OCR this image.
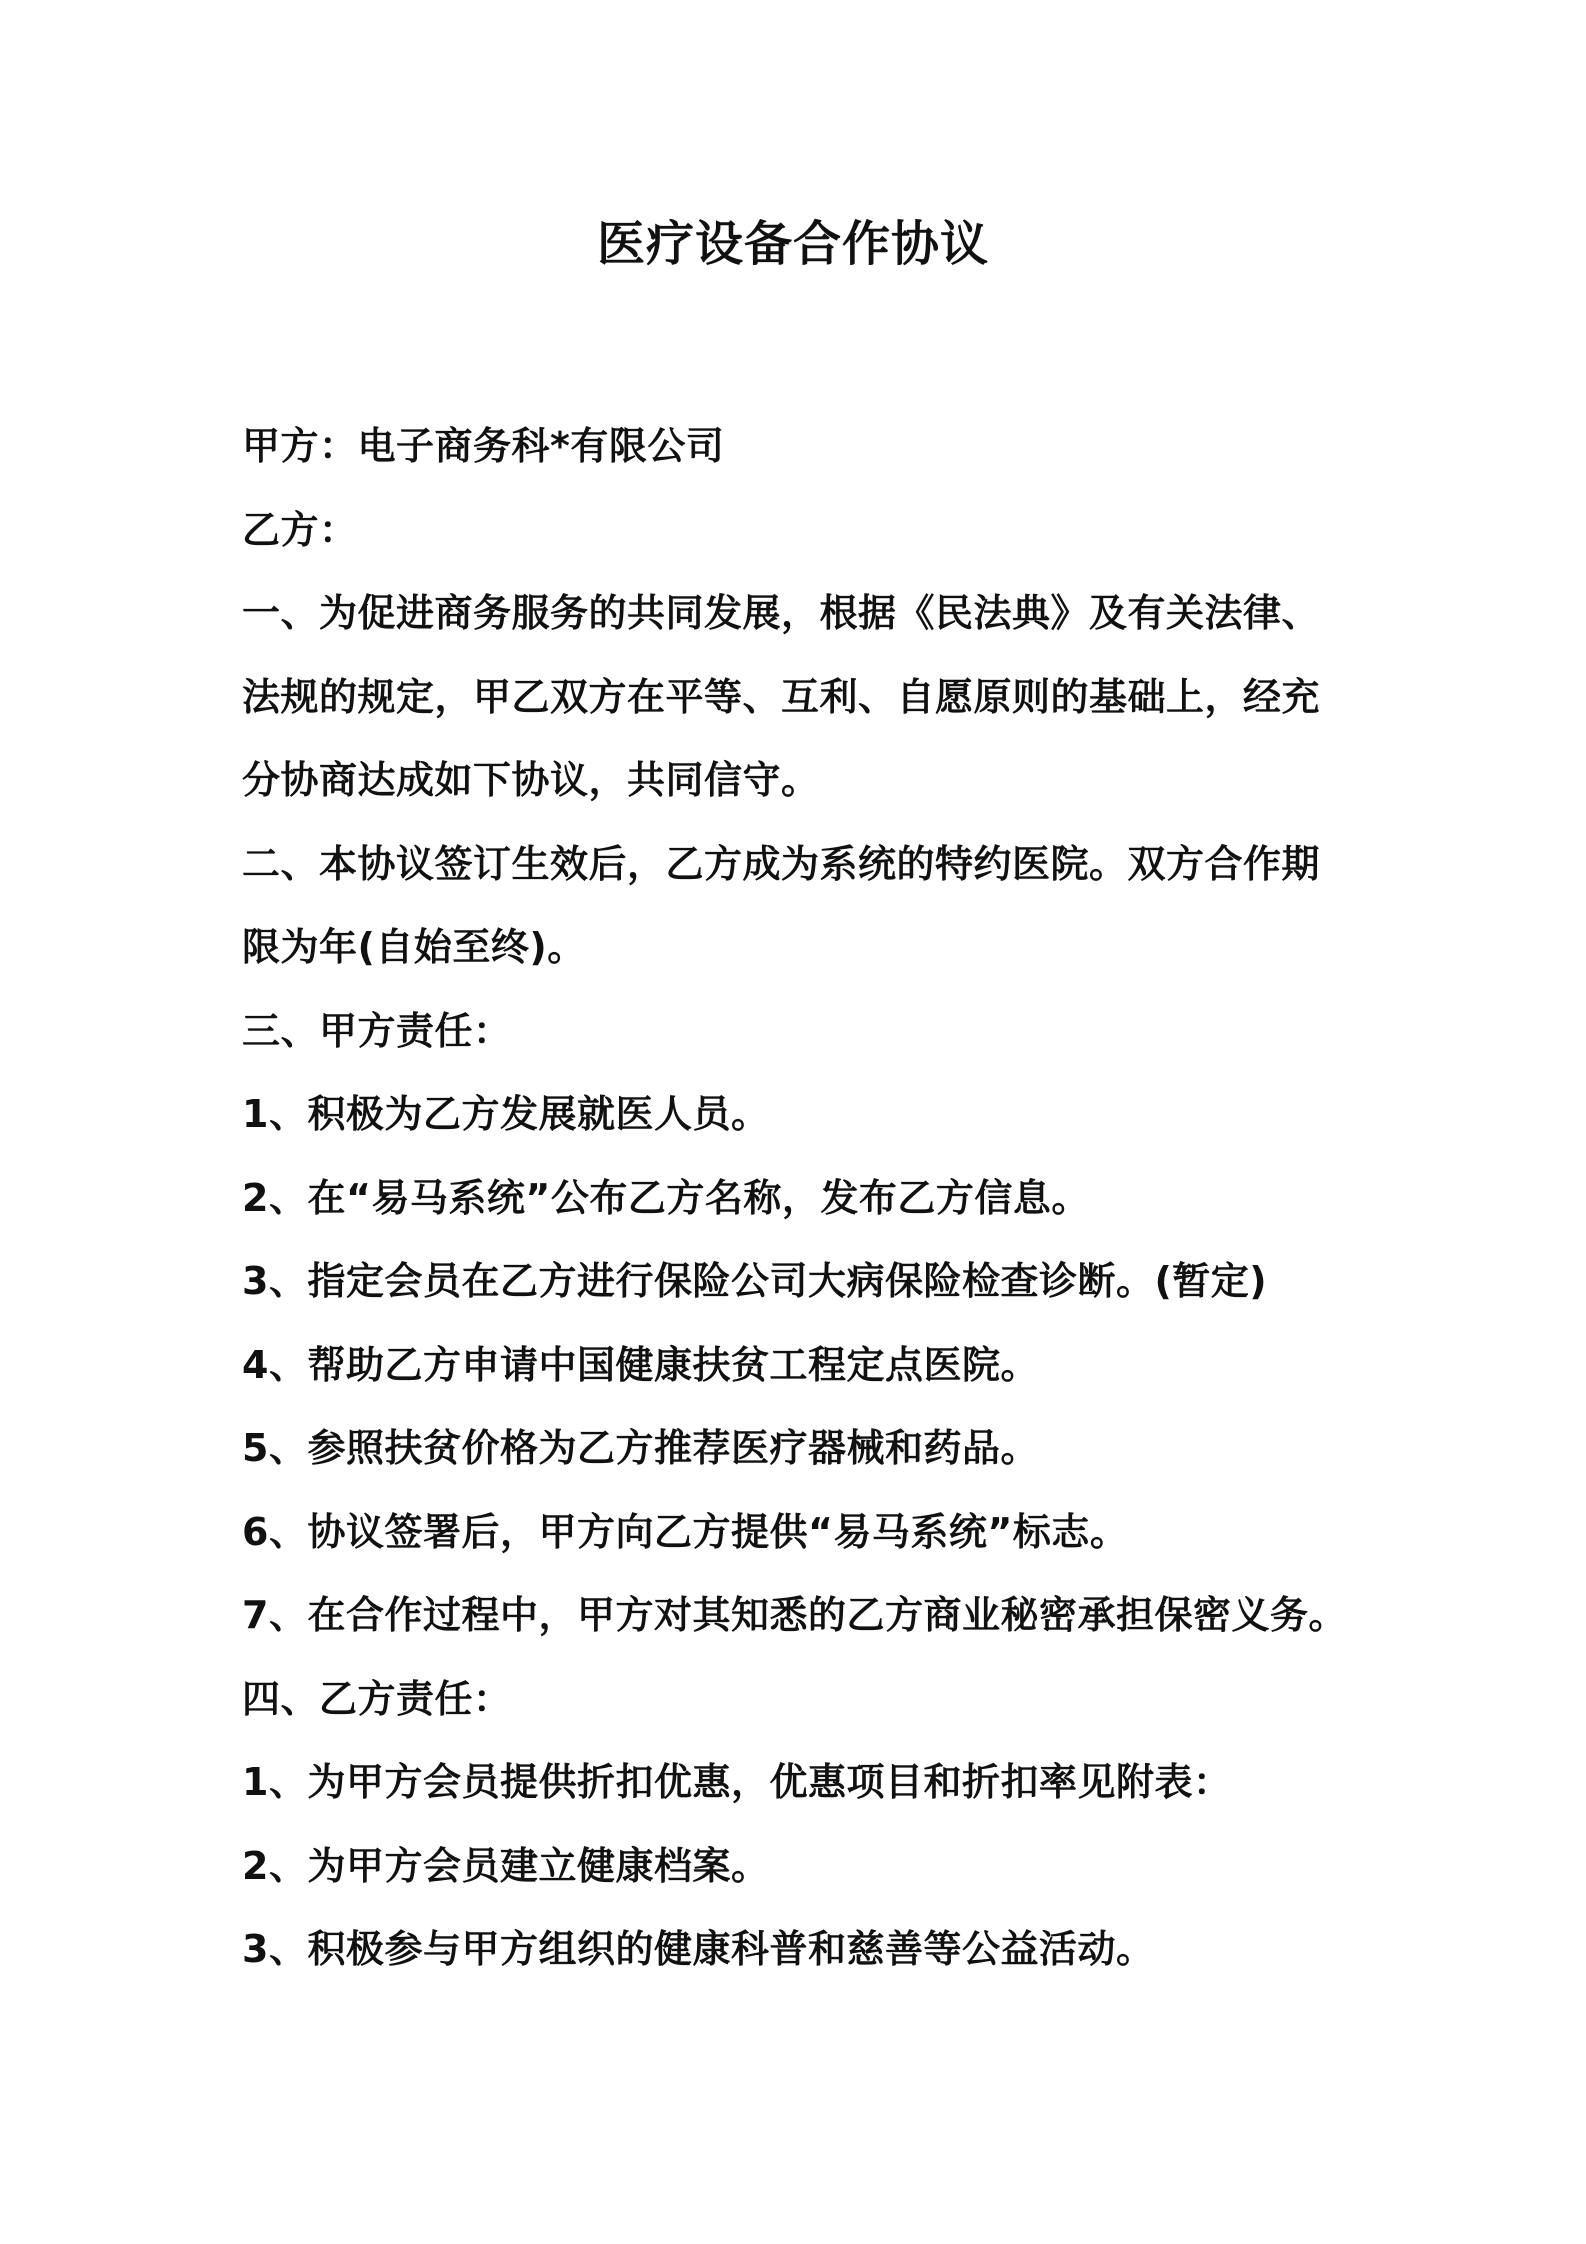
医疗设备合作协议
甲方：电子商务科*有限公司
乙方：
一、为促进商务服务的共同发展，根据《民法典》及有关法律、
法规的规定，甲乙双方在平等、互利、自愿原则的基础上，经充
分协商达成如下协议，共同信守。
二、本协议签订生效后，乙方成为系统的特约医院。双方合作期
限为年(自始至终)。
三、甲方责任：
1、积极为乙方发展就医人员。
2、在“易马系统”公布乙方名称，发布乙方信息。
3、指定会员在乙方进行保险公司大病保险检查诊断。(暂定)
4、帮助乙方申请中国健康扶贫工程定点医院。
5、参照扶贫价格为乙方推荐医疗器械和药品。
6、协议签署后，甲方向乙方提供“易马系统”标志。
7、在合作过程中，甲方对其知悉的乙方商业秘密承担保密义务。
四、乙方责任：
1、为甲方会员提供折扣优惠，优惠项目和折扣率见附表：
2、为甲方会员建立健康档案。
3、积极参与甲方组织的健康科普和慈善等公益活动。
